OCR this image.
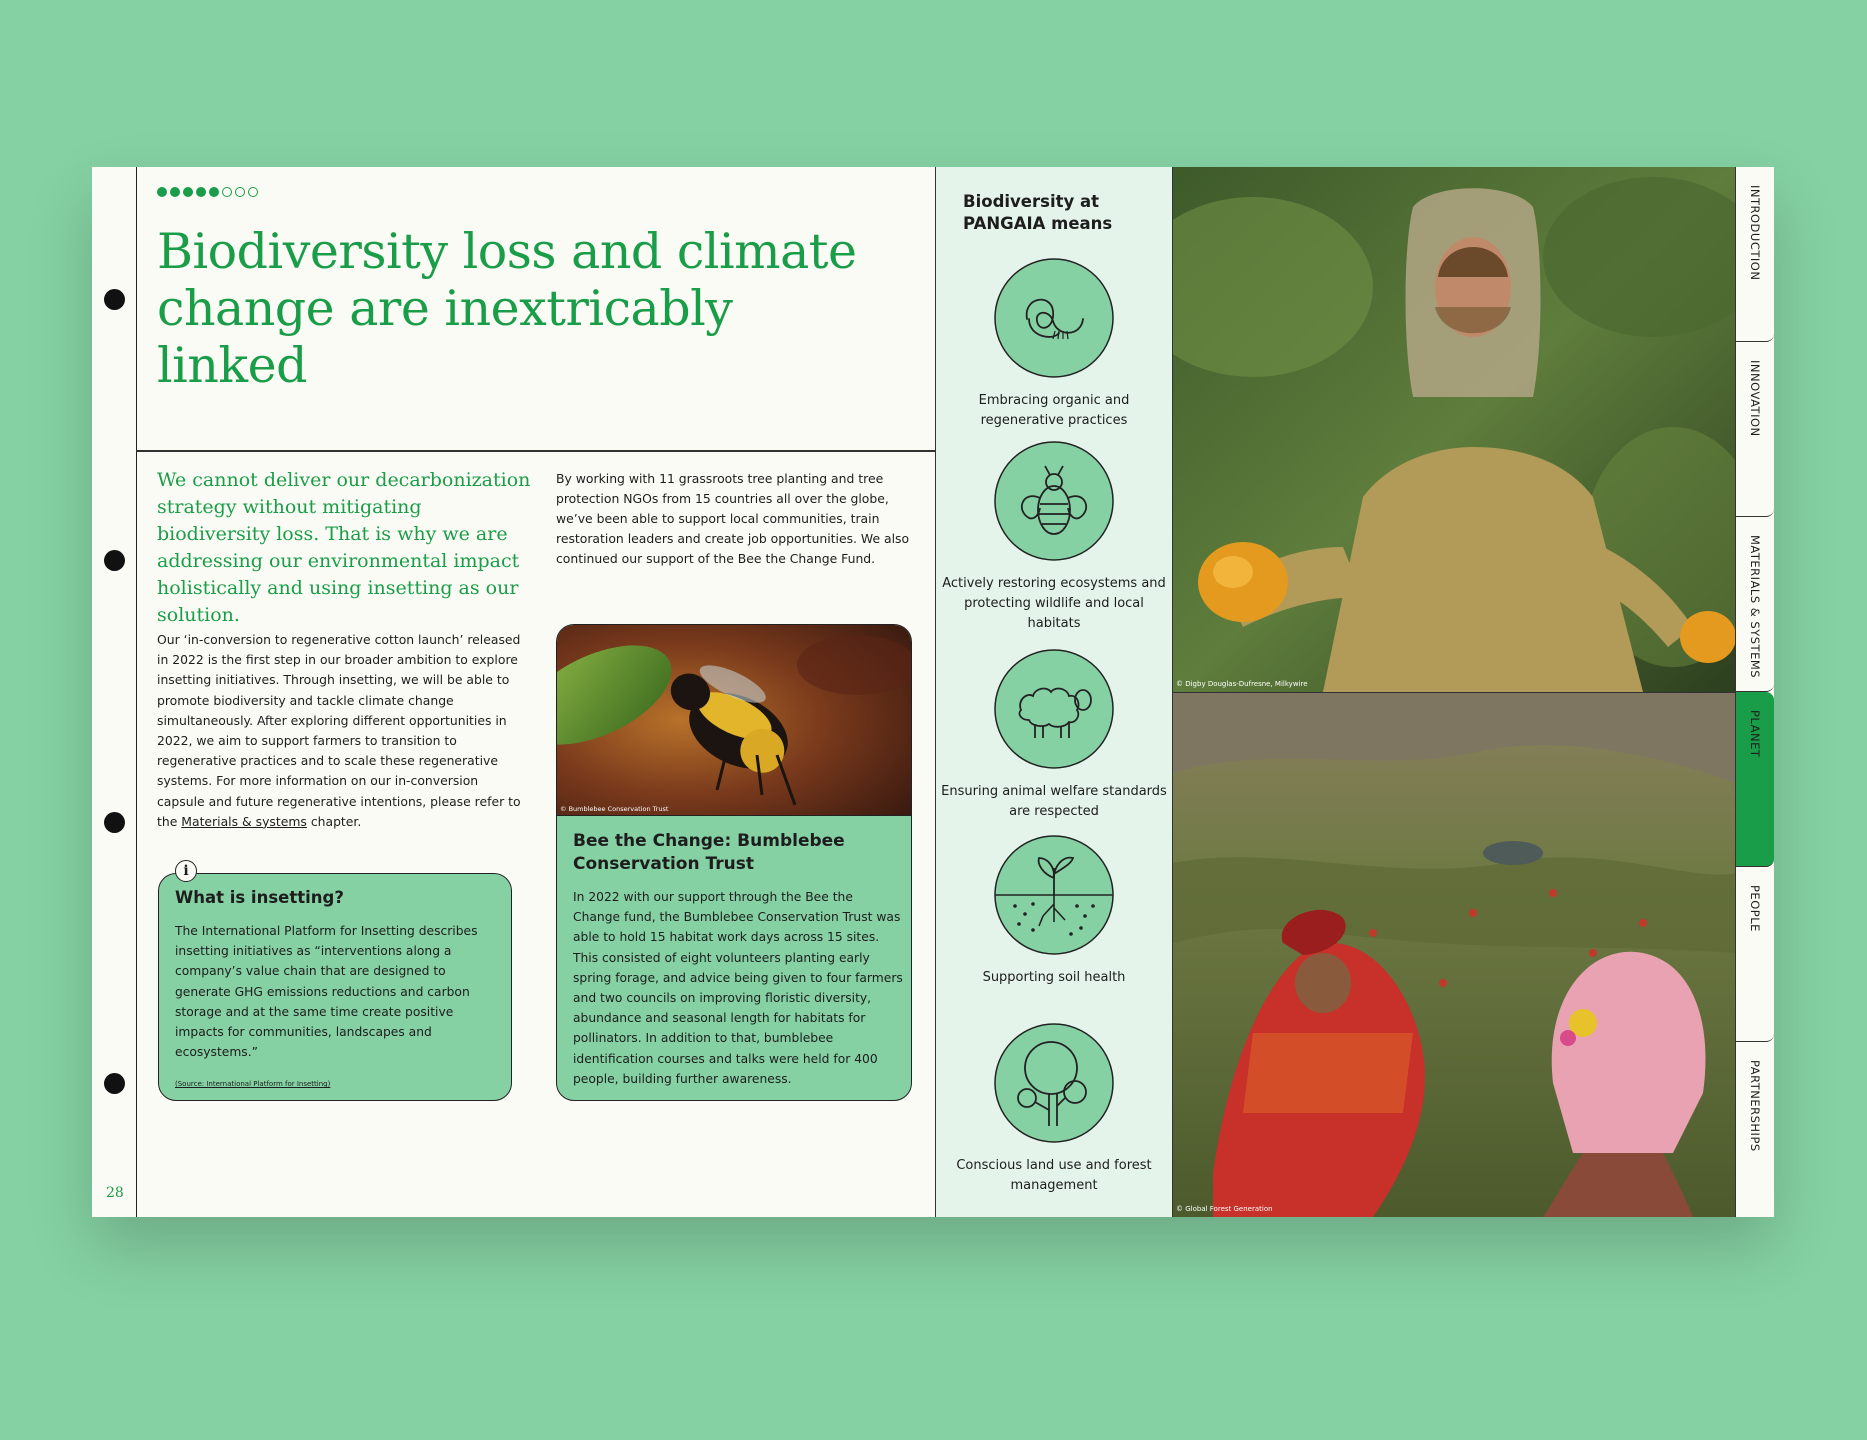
28
Biodiversity loss and climate change are inextricably linked

We cannot deliver our decarbonization strategy without mitigating biodiversity loss. That is why we are addressing our environmental impact holistically and using insetting as our solution.

Our ‘in-conversion to regenerative cotton launch’ released in 2022 is the first step in our broader ambition to explore insetting initiatives. Through insetting, we will be able to promote biodiversity and tackle climate change simultaneously. After exploring different opportunities in 2022, we aim to support farmers to transition to regenerative practices and to scale these regenerative systems. For more information on our in-conversion capsule and future regenerative intentions, please refer to the Materials & systems chapter.

By working with 11 grassroots tree planting and tree protection NGOs from 15 countries all over the globe, we’ve been able to support local communities, train restoration leaders and create job opportunities. We also continued our support of the Bee the Change Fund.

i
What is insetting?

The International Platform for Insetting describes insetting initiatives as “interventions along a company’s value chain that are designed to generate GHG emissions reductions and carbon storage and at the same time create positive impacts for communities, landscapes and ecosystems.”

(Source: International Platform for Insetting)
© Bumblebee Conservation Trust
Bee the Change: Bumblebee Conservation Trust

In 2022 with our support through the Bee the Change fund, the Bumblebee Conservation Trust was able to hold 15 habitat work days across 15 sites. This consisted of eight volunteers planting early spring forage, and advice being given to four farmers and two councils on improving floristic diversity, abundance and seasonal length for habitats for pollinators. In addition to that, bumblebee identification courses and talks were held for 400 people, building further awareness.

Biodiversity at PANGAIA means
Embracing organic and regenerative practices
Actively restoring ecosystems and protecting wildlife and local habitats
Ensuring animal welfare standards are respected
Supporting soil health
Conscious land use and forest management
© Digby Douglas-Dufresne, Milkywire
© Global Forest Generation
INTRODUCTION
INNOVATION
MATERIALS & SYSTEMS
PLANET
PEOPLE
PARTNERSHIPS
